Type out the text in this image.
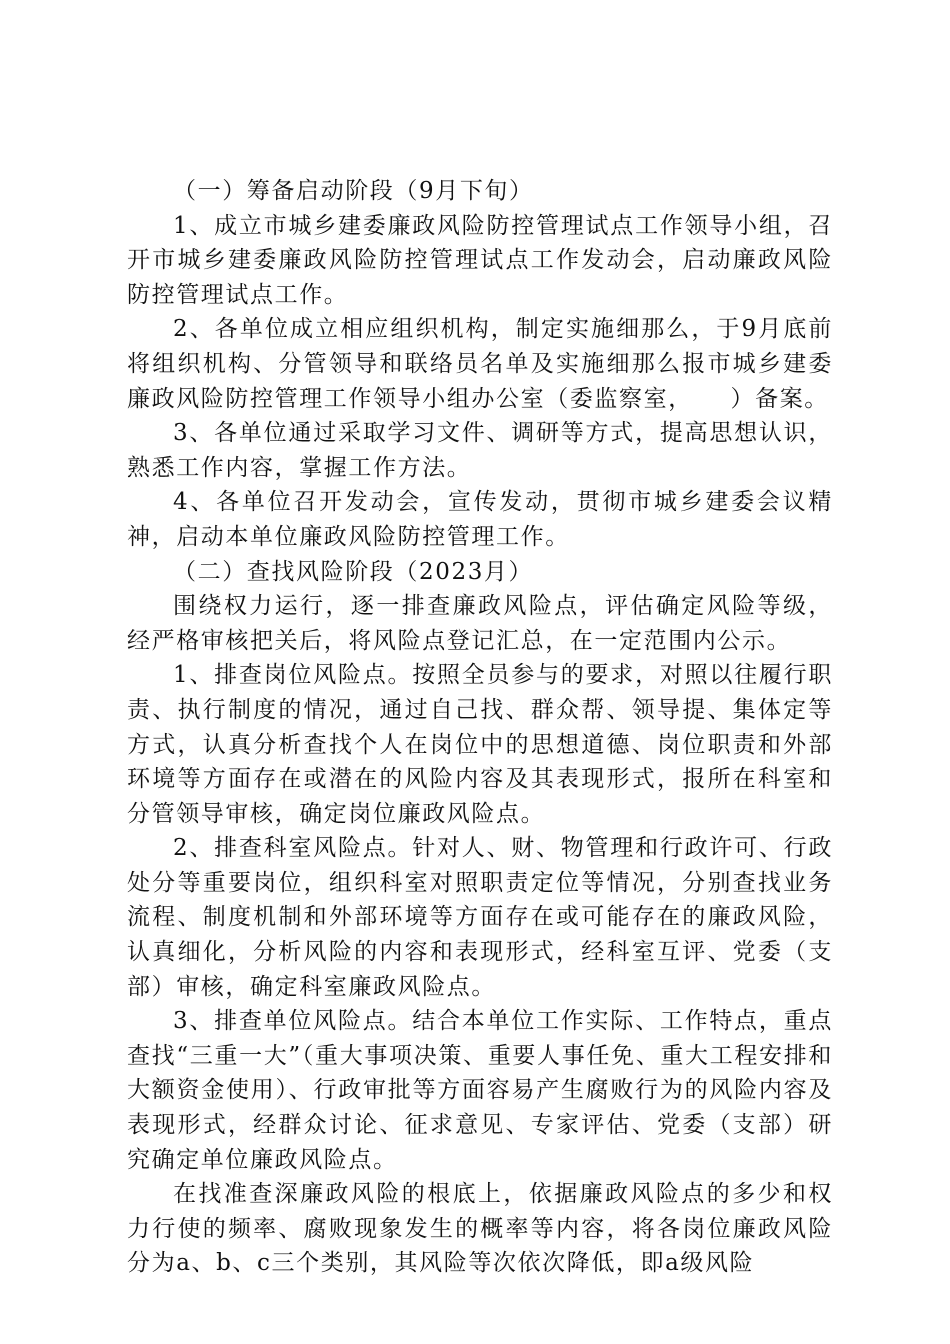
（一）筹备启动阶段（9月下旬）

1、成立市城乡建委廉政风险防控管理试点工作领导小组，召开市城乡建委廉政风险防控管理试点工作发动会，启动廉政风险防控管理试点工作。

2、各单位成立相应组织机构，制定实施细那么，于9月底前将组织机构、分管领导和联络员名单及实施细那么报市城乡建委廉政风险防控管理工作领导小组办公室（委监察室，　　）备案。

3、各单位通过采取学习文件、调研等方式，提高思想认识，熟悉工作内容，掌握工作方法。

4、各单位召开发动会，宣传发动，贯彻市城乡建委会议精神，启动本单位廉政风险防控管理工作。

（二）查找风险阶段（2023月）

围绕权力运行，逐一排查廉政风险点，评估确定风险等级，经严格审核把关后，将风险点登记汇总，在一定范围内公示。

1、排查岗位风险点。按照全员参与的要求，对照以往履行职责、执行制度的情况，通过自己找、群众帮、领导提、集体定等方式，认真分析查找个人在岗位中的思想道德、岗位职责和外部环境等方面存在或潜在的风险内容及其表现形式，报所在科室和分管领导审核，确定岗位廉政风险点。

2、排查科室风险点。针对人、财、物管理和行政许可、行政处分等重要岗位，组织科室对照职责定位等情况，分别查找业务流程、制度机制和外部环境等方面存在或可能存在的廉政风险，认真细化，分析风险的内容和表现形式，经科室互评、党委（支部）审核，确定科室廉政风险点。

3、排查单位风险点。结合本单位工作实际、工作特点，重点查找“三重一大”（重大事项决策、重要人事任免、重大工程安排和大额资金使用）、行政审批等方面容易产生腐败行为的风险内容及表现形式，经群众讨论、征求意见、专家评估、党委（支部）研究确定单位廉政风险点。

在找准查深廉政风险的根底上，依据廉政风险点的多少和权力行使的频率、腐败现象发生的概率等内容，将各岗位廉政风险分为a、b、c三个类别，其风险等次依次降低，即a级风险
